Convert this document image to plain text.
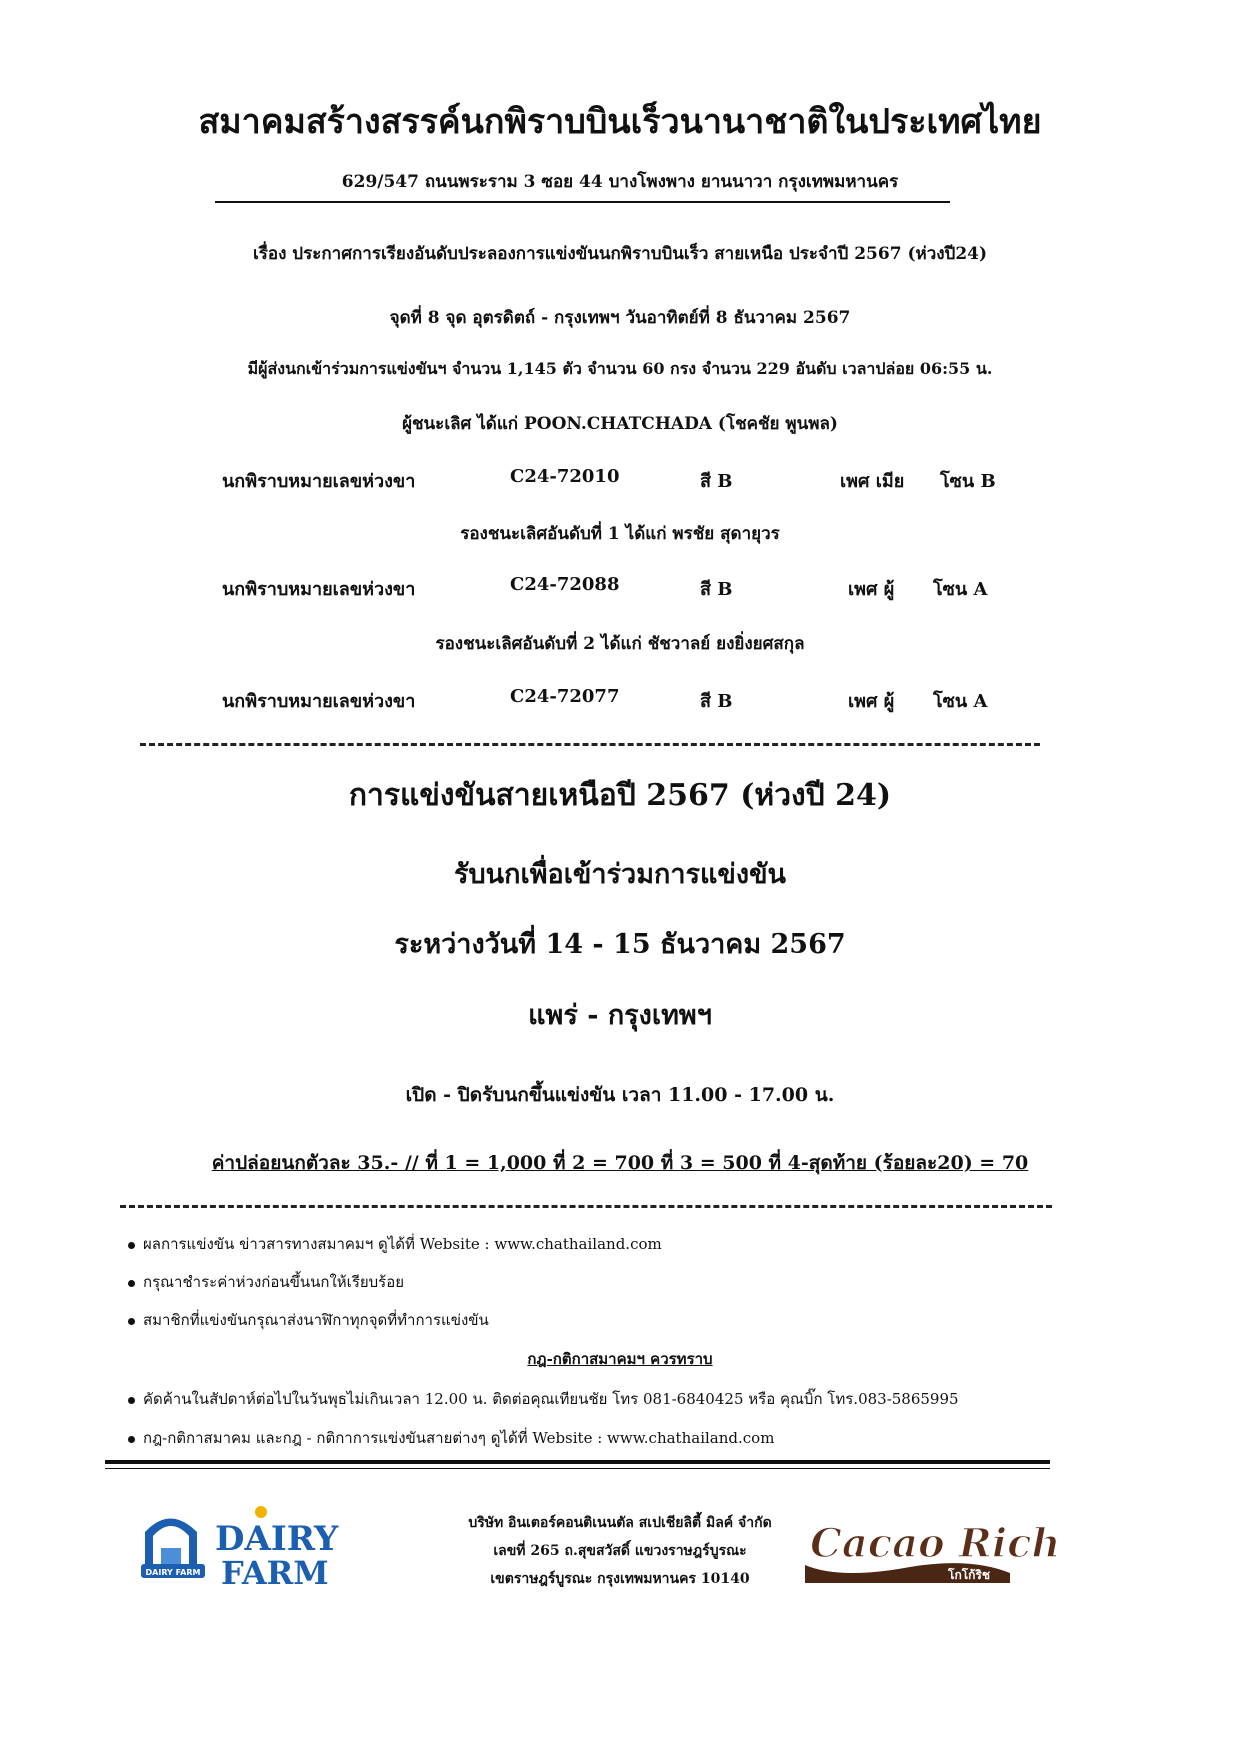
สมาคมสร้างสรรค์นกพิราบบินเร็วนานาชาติในประเทศไทย
629/547 ถนนพระราม 3 ซอย 44 บางโพงพาง ยานนาวา กรุงเทพมหานคร
เรื่อง ประกาศการเรียงอันดับประลองการแข่งขันนกพิราบบินเร็ว สายเหนือ ประจำปี 2567 (ห่วงปี24)
จุดที่ 8 จุด อุตรดิตถ์ - กรุงเทพฯ วันอาทิตย์ที่ 8 ธันวาคม 2567
มีผู้ส่งนกเข้าร่วมการแข่งขันฯ จำนวน 1,145 ตัว จำนวน 60 กรง จำนวน 229 อันดับ เวลาปล่อย 06:55 น.
ผู้ชนะเลิศ ได้แก่ POON.CHATCHADA (โชคชัย พูนพล)
นกพิราบหมายเลขห่วงขา	C24-72010	สี B	เพศ เมีย โซน B
รองชนะเลิศอันดับที่ 1 ได้แก่ พรชัย สุดายุวร
นกพิราบหมายเลขห่วงขา	C24-72088	สี B	เพศ ผู้ โซน A
รองชนะเลิศอันดับที่ 2 ได้แก่ ชัชวาลย์ ยงยิ่งยศสกุล
นกพิราบหมายเลขห่วงขา	C24-72077	สี B	เพศ ผู้ โซน A
การแข่งขันสายเหนือปี 2567 (ห่วงปี 24)
รับนกเพื่อเข้าร่วมการแข่งขัน
ระหว่างวันที่ 14 - 15 ธันวาคม 2567
แพร่ - กรุงเทพฯ
เปิด - ปิดรับนกขึ้นแข่งขัน เวลา 11.00 - 17.00 น.
ค่าปล่อยนกตัวละ 35.- // ที่ 1 = 1,000 ที่ 2 = 700 ที่ 3 = 500 ที่ 4-สุดท้าย (ร้อยละ20) = 70
ผลการแข่งขัน ข่าวสารทางสมาคมฯ ดูได้ที่ Website : www.chathailand.com
กรุณาชำระค่าห่วงก่อนขึ้นนกให้เรียบร้อย
สมาชิกที่แข่งขันกรุณาส่งนาฬิกาทุกจุดที่ทำการแข่งขัน
กฎ-กติกาสมาคมฯ ควรทราบ
คัดค้านในสัปดาห์ต่อไปในวันพุธไม่เกินเวลา 12.00 น. ติดต่อคุณเทียนชัย โทร 081-6840425 หรือ คุณบิ๊ก โทร.083-5865995
กฎ-กติกาสมาคม และกฎ - กติกาการแข่งขันสายต่างๆ ดูได้ที่ Website : www.chathailand.com
DAIRY FARM
DAIRY
FARM
บริษัท อินเตอร์คอนติเนนตัล สเปเชียลิตี้ มิลค์ จำกัด
เลขที่ 265 ถ.สุขสวัสดิ์ แขวงราษฎร์บูรณะ
เขตราษฎร์บูรณะ กรุงเทพมหานคร 10140
Cacao Rich
โกโก้ริช
